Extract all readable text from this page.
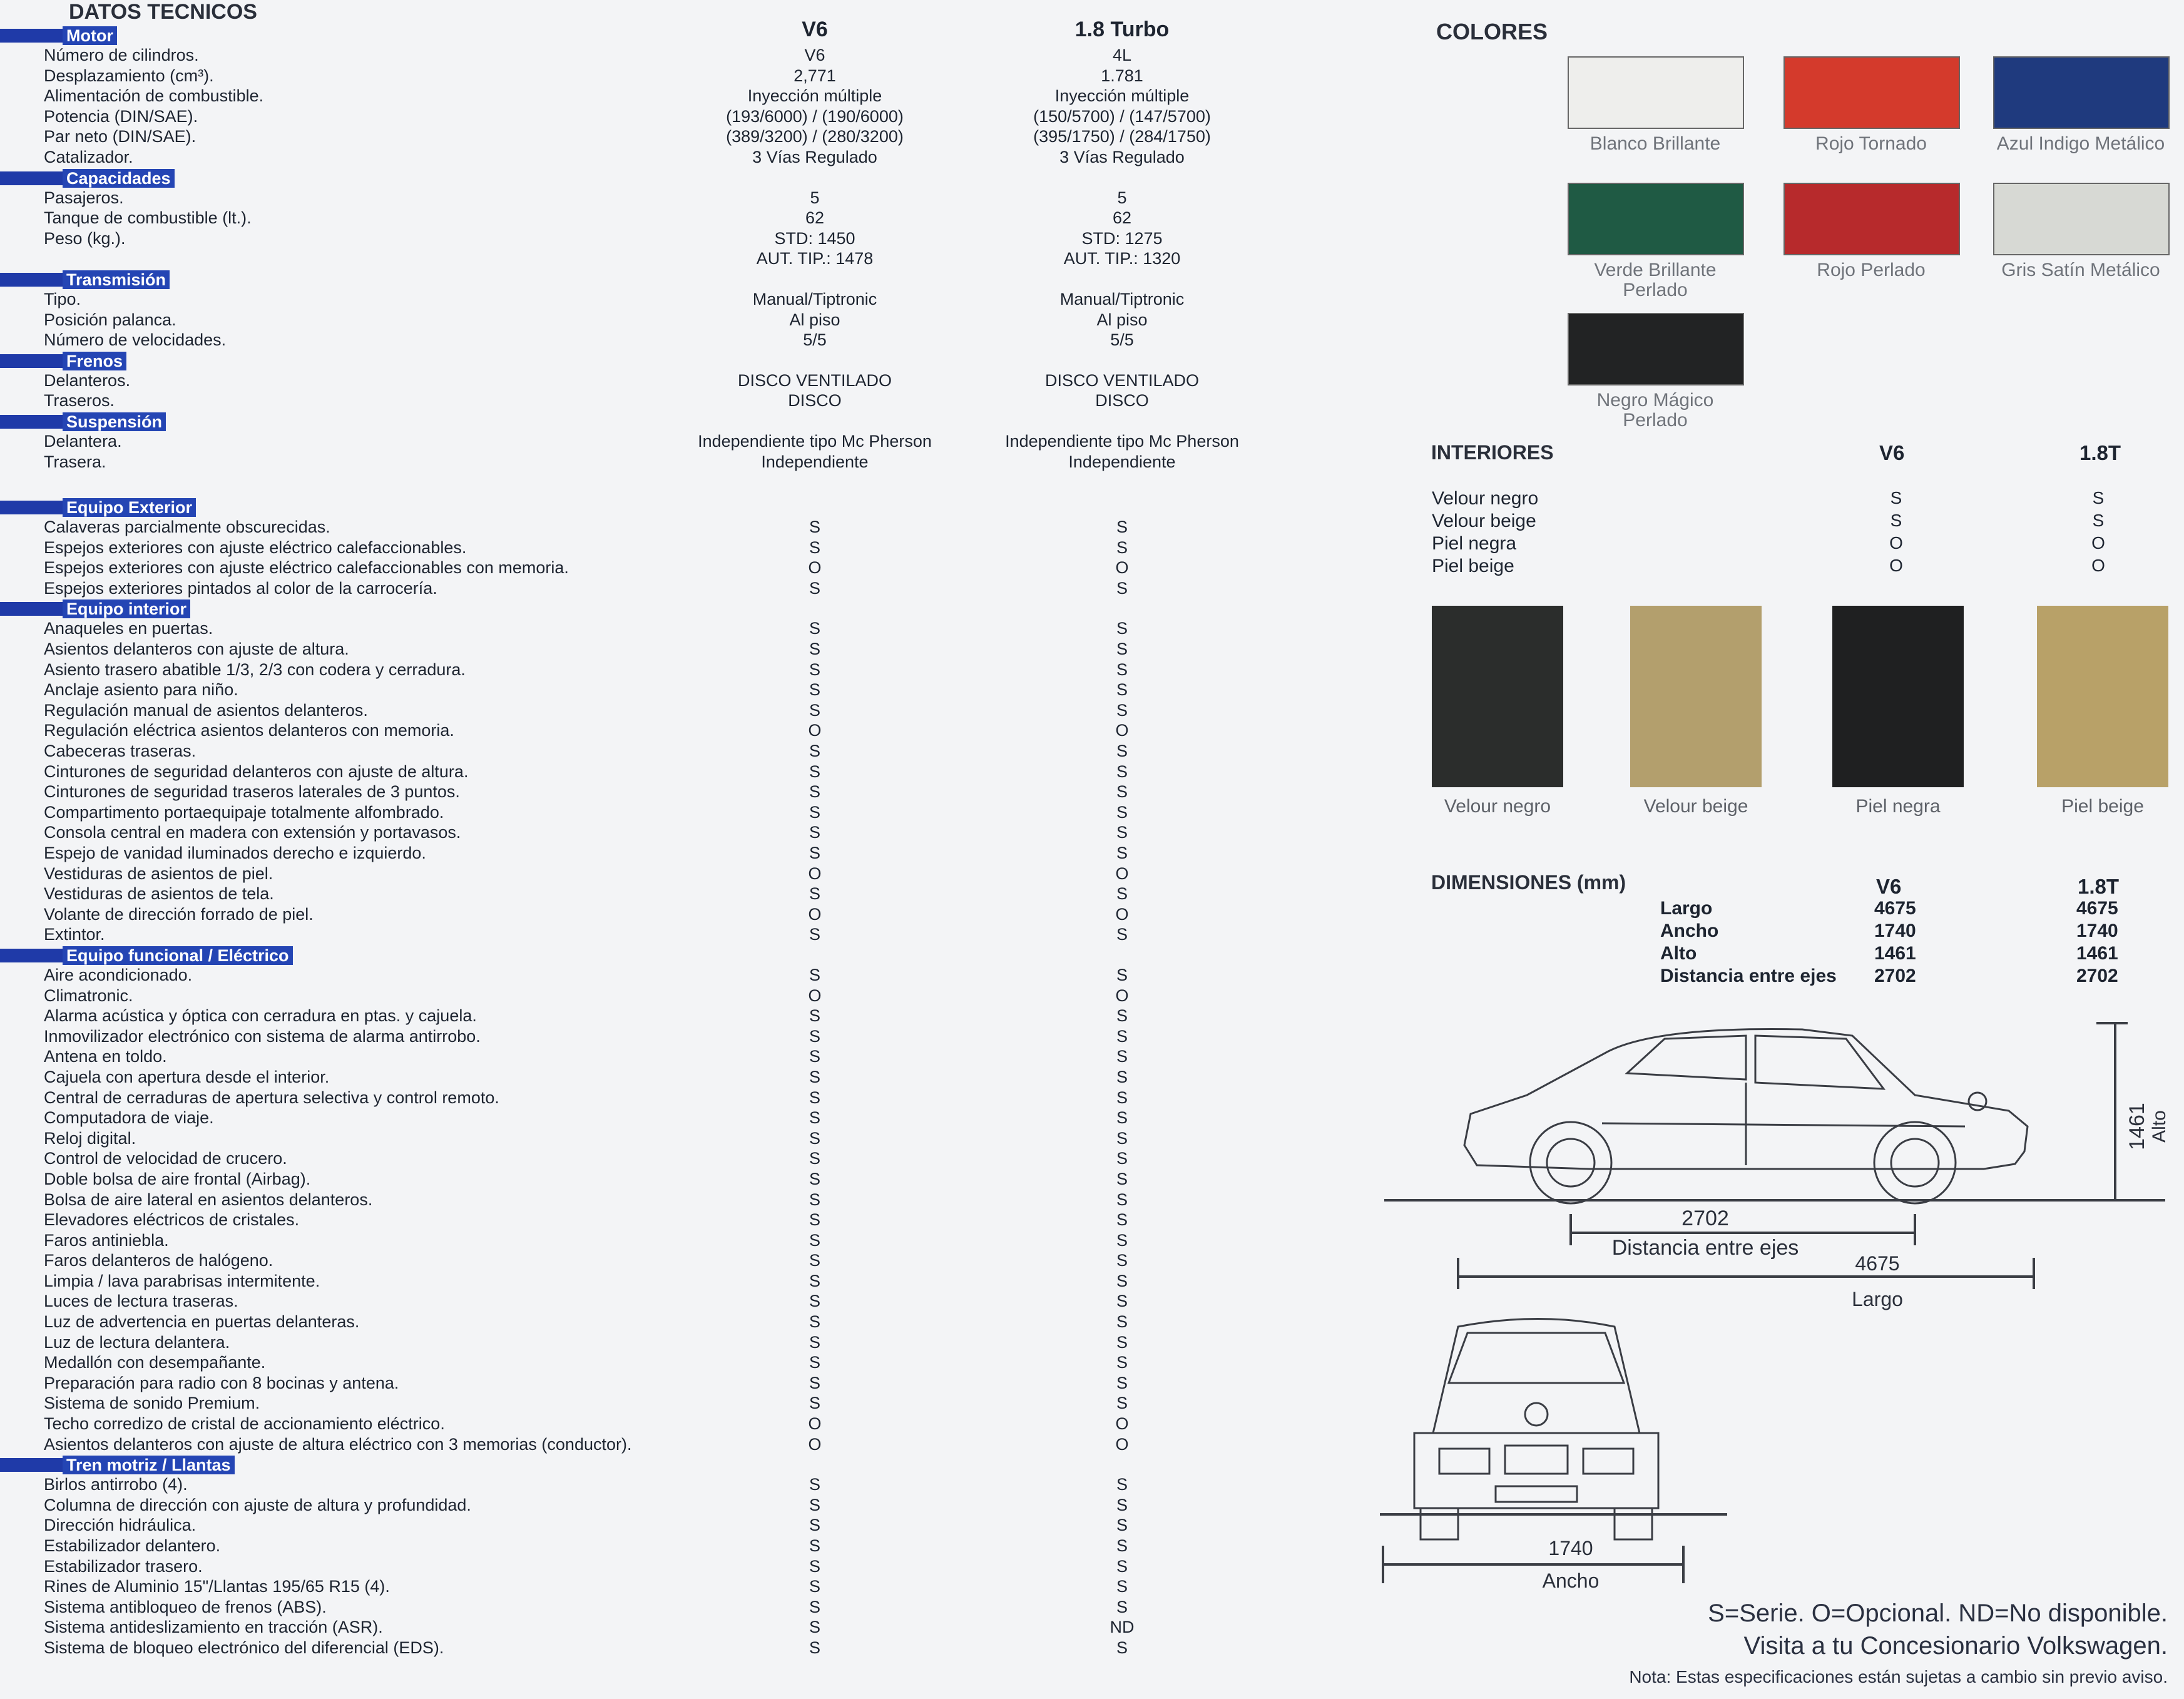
DATOS TECNICOS
V6	1.8 Turbo
Motor
Número de cilindros.	V6	4L
Desplazamiento (cm³).	2,771	1.781
Alimentación de combustible.	Inyección múltiple	Inyección múltiple
Potencia (DIN/SAE).	(193/6000) / (190/6000)	(150/5700) / (147/5700)
Par neto (DIN/SAE).	(389/3200) / (280/3200)	(395/1750) / (284/1750)
Catalizador.	3 Vías Regulado	3 Vías Regulado
Capacidades
Pasajeros.	5	5
Tanque de combustible (lt.).	62	62
Peso (kg.).	STD: 1450	STD: 1275
AUT. TIP.: 1478	AUT. TIP.: 1320
Transmisión
Tipo.	Manual/Tiptronic	Manual/Tiptronic
Posición palanca.	Al piso	Al piso
Número de velocidades.	5/5	5/5
Frenos
Delanteros.	DISCO VENTILADO	DISCO VENTILADO
Traseros.	DISCO	DISCO
Suspensión
Delantera.	Independiente tipo Mc Pherson	Independiente tipo Mc Pherson
Trasera.	Independiente	Independiente
Equipo Exterior
Calaveras parcialmente obscurecidas.	S	S
Espejos exteriores con ajuste eléctrico calefaccionables.	S	S
Espejos exteriores con ajuste eléctrico calefaccionables con memoria.	O	O
Espejos exteriores pintados al color de la carrocería.	S	S
Equipo interior
Anaqueles en puertas.	S	S
Asientos delanteros con ajuste de altura.	S	S
Asiento trasero abatible 1/3, 2/3 con codera y cerradura.	S	S
Anclaje asiento para niño.	S	S
Regulación manual de asientos delanteros.	S	S
Regulación eléctrica asientos delanteros con memoria.	O	O
Cabeceras traseras.	S	S
Cinturones de seguridad delanteros con ajuste de altura.	S	S
Cinturones de seguridad traseros laterales de 3 puntos.	S	S
Compartimento portaequipaje totalmente alfombrado.	S	S
Consola central en madera con extensión y portavasos.	S	S
Espejo de vanidad iluminados derecho e izquierdo.	S	S
Vestiduras de asientos de piel.	O	O
Vestiduras de asientos de tela.	S	S
Volante de dirección forrado de piel.	O	O
Extintor.	S	S
Equipo funcional / Eléctrico
Aire acondicionado.	S	S
Climatronic.	O	O
Alarma acústica y óptica con cerradura en ptas. y cajuela.	S	S
Inmovilizador electrónico con sistema de alarma antirrobo.	S	S
Antena en toldo.	S	S
Cajuela con apertura desde el interior.	S	S
Central de cerraduras de apertura selectiva y control remoto.	S	S
Computadora de viaje.	S	S
Reloj digital.	S	S
Control de velocidad de crucero.	S	S
Doble bolsa de aire frontal (Airbag).	S	S
Bolsa de aire lateral en asientos delanteros.	S	S
Elevadores eléctricos de cristales.	S	S
Faros antiniebla.	S	S
Faros delanteros de halógeno.	S	S
Limpia / lava parabrisas intermitente.	S	S
Luces de lectura traseras.	S	S
Luz de advertencia en puertas delanteras.	S	S
Luz de lectura delantera.	S	S
Medallón con desempañante.	S	S
Preparación para radio con 8 bocinas y antena.	S	S
Sistema de sonido Premium.	S	S
Techo corredizo de cristal de accionamiento eléctrico.	O	O
Asientos delanteros con ajuste de altura eléctrico con 3 memorias (conductor).	O	O
Tren motriz / Llantas
Birlos antirrobo (4).	S	S
Columna de dirección con ajuste de altura y profundidad.	S	S
Dirección hidráulica.	S	S
Estabilizador delantero.	S	S
Estabilizador trasero.	S	S
Rines de Aluminio 15"/Llantas 195/65 R15 (4).	S	S
Sistema antibloqueo de frenos (ABS).	S	S
Sistema antideslizamiento en tracción (ASR).	S	ND
Sistema de bloqueo electrónico del diferencial (EDS).	S	S
COLORES
Blanco Brillante	Rojo Tornado	Azul Indigo Metálico
Verde Brillante Perlado
Rojo Perlado	Gris Satín Metálico
Negro Mágico Perlado
INTERIORES	V6	1.8T
Velour negro	S	S
Velour beige	S	S
Piel negra	O	O
Piel beige	O	O
Velour negro	Velour beige	Piel negra	Piel beige
DIMENSIONES (mm)	V6	1.8T
Largo	4675	4675
Ancho	1740	1740
Alto	1461	1461
Distancia entre ejes 2702	2702
1461 Alto
2702
Distancia entre ejes
4675
Largo
1740
Ancho
S=Serie. O=Opcional. ND=No disponible.
Visita a tu Concesionario Volkswagen.
Nota: Estas especificaciones están sujetas a cambio sin previo aviso.
